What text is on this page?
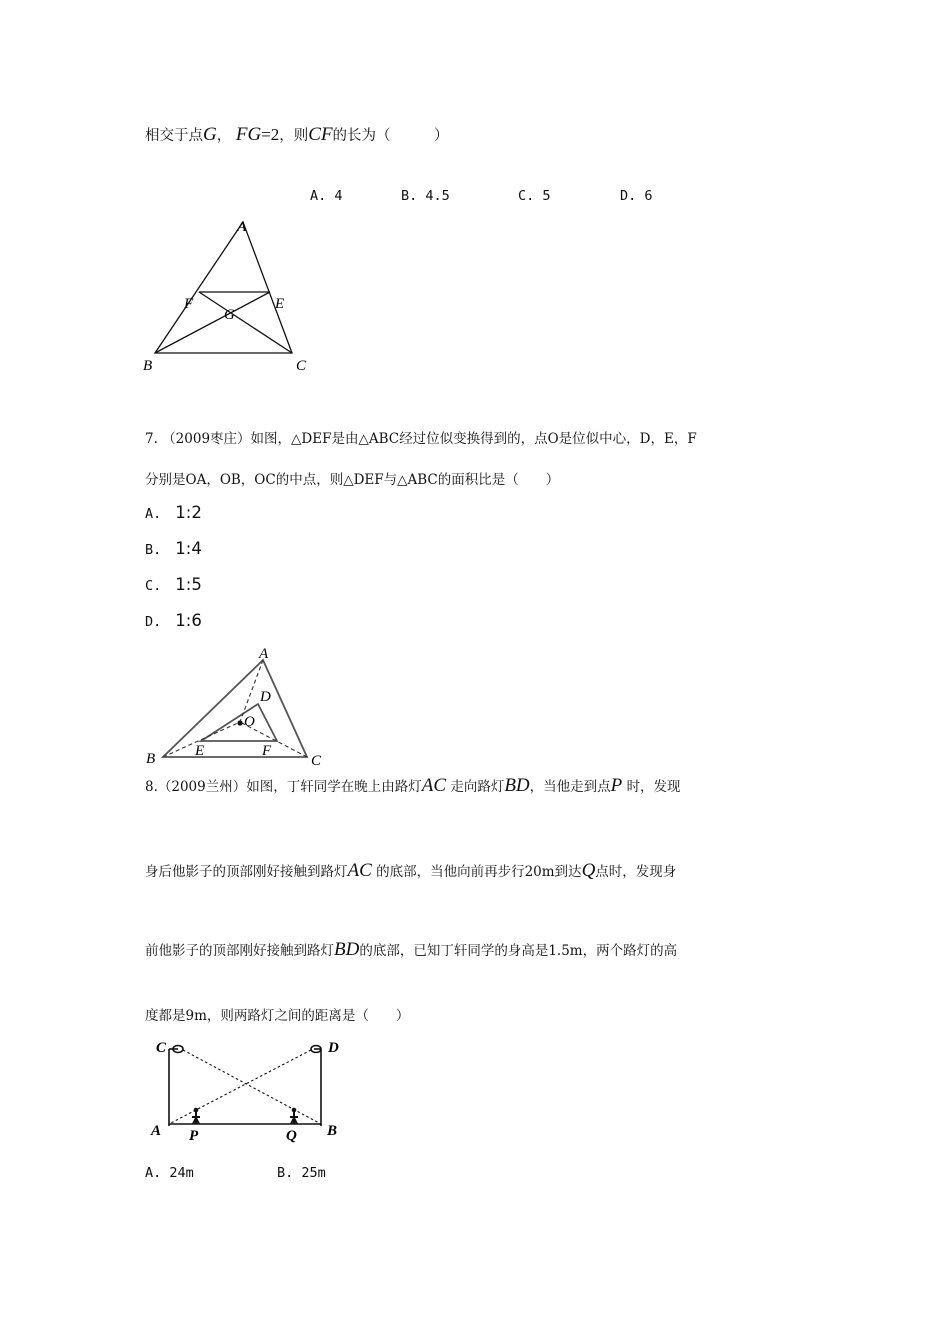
相交于点G， FG=2，则CF的长为（　　　）
A. 4	B. 4.5	C. 5	D. 6
A
F
G
E
B	C
7. （2009枣庄）如图，△DEF是由△ABC经过位似变换得到的，点O是位似中心，D，E，F
分别是OA，OB，OC的中点，则△DEF与△ABC的面积比是（　　）
A. 1:2
B. 1:4
C. 1:5
D. 1:6
A
D
O
E	F
B	C
8.（2009兰州）如图，丁轩同学在晚上由路灯AC 走向路灯BD，当他走到点P 时，发现
身后他影子的顶部刚好接触到路灯AC 的底部，当他向前再步行20m到达Q点时，发现身
前他影子的顶部刚好接触到路灯BD的底部，已知丁轩同学的身高是1.5m，两个路灯的高
度都是9m，则两路灯之间的距离是（　　）
C	D
A P	Q B
A. 24m	B. 25m
